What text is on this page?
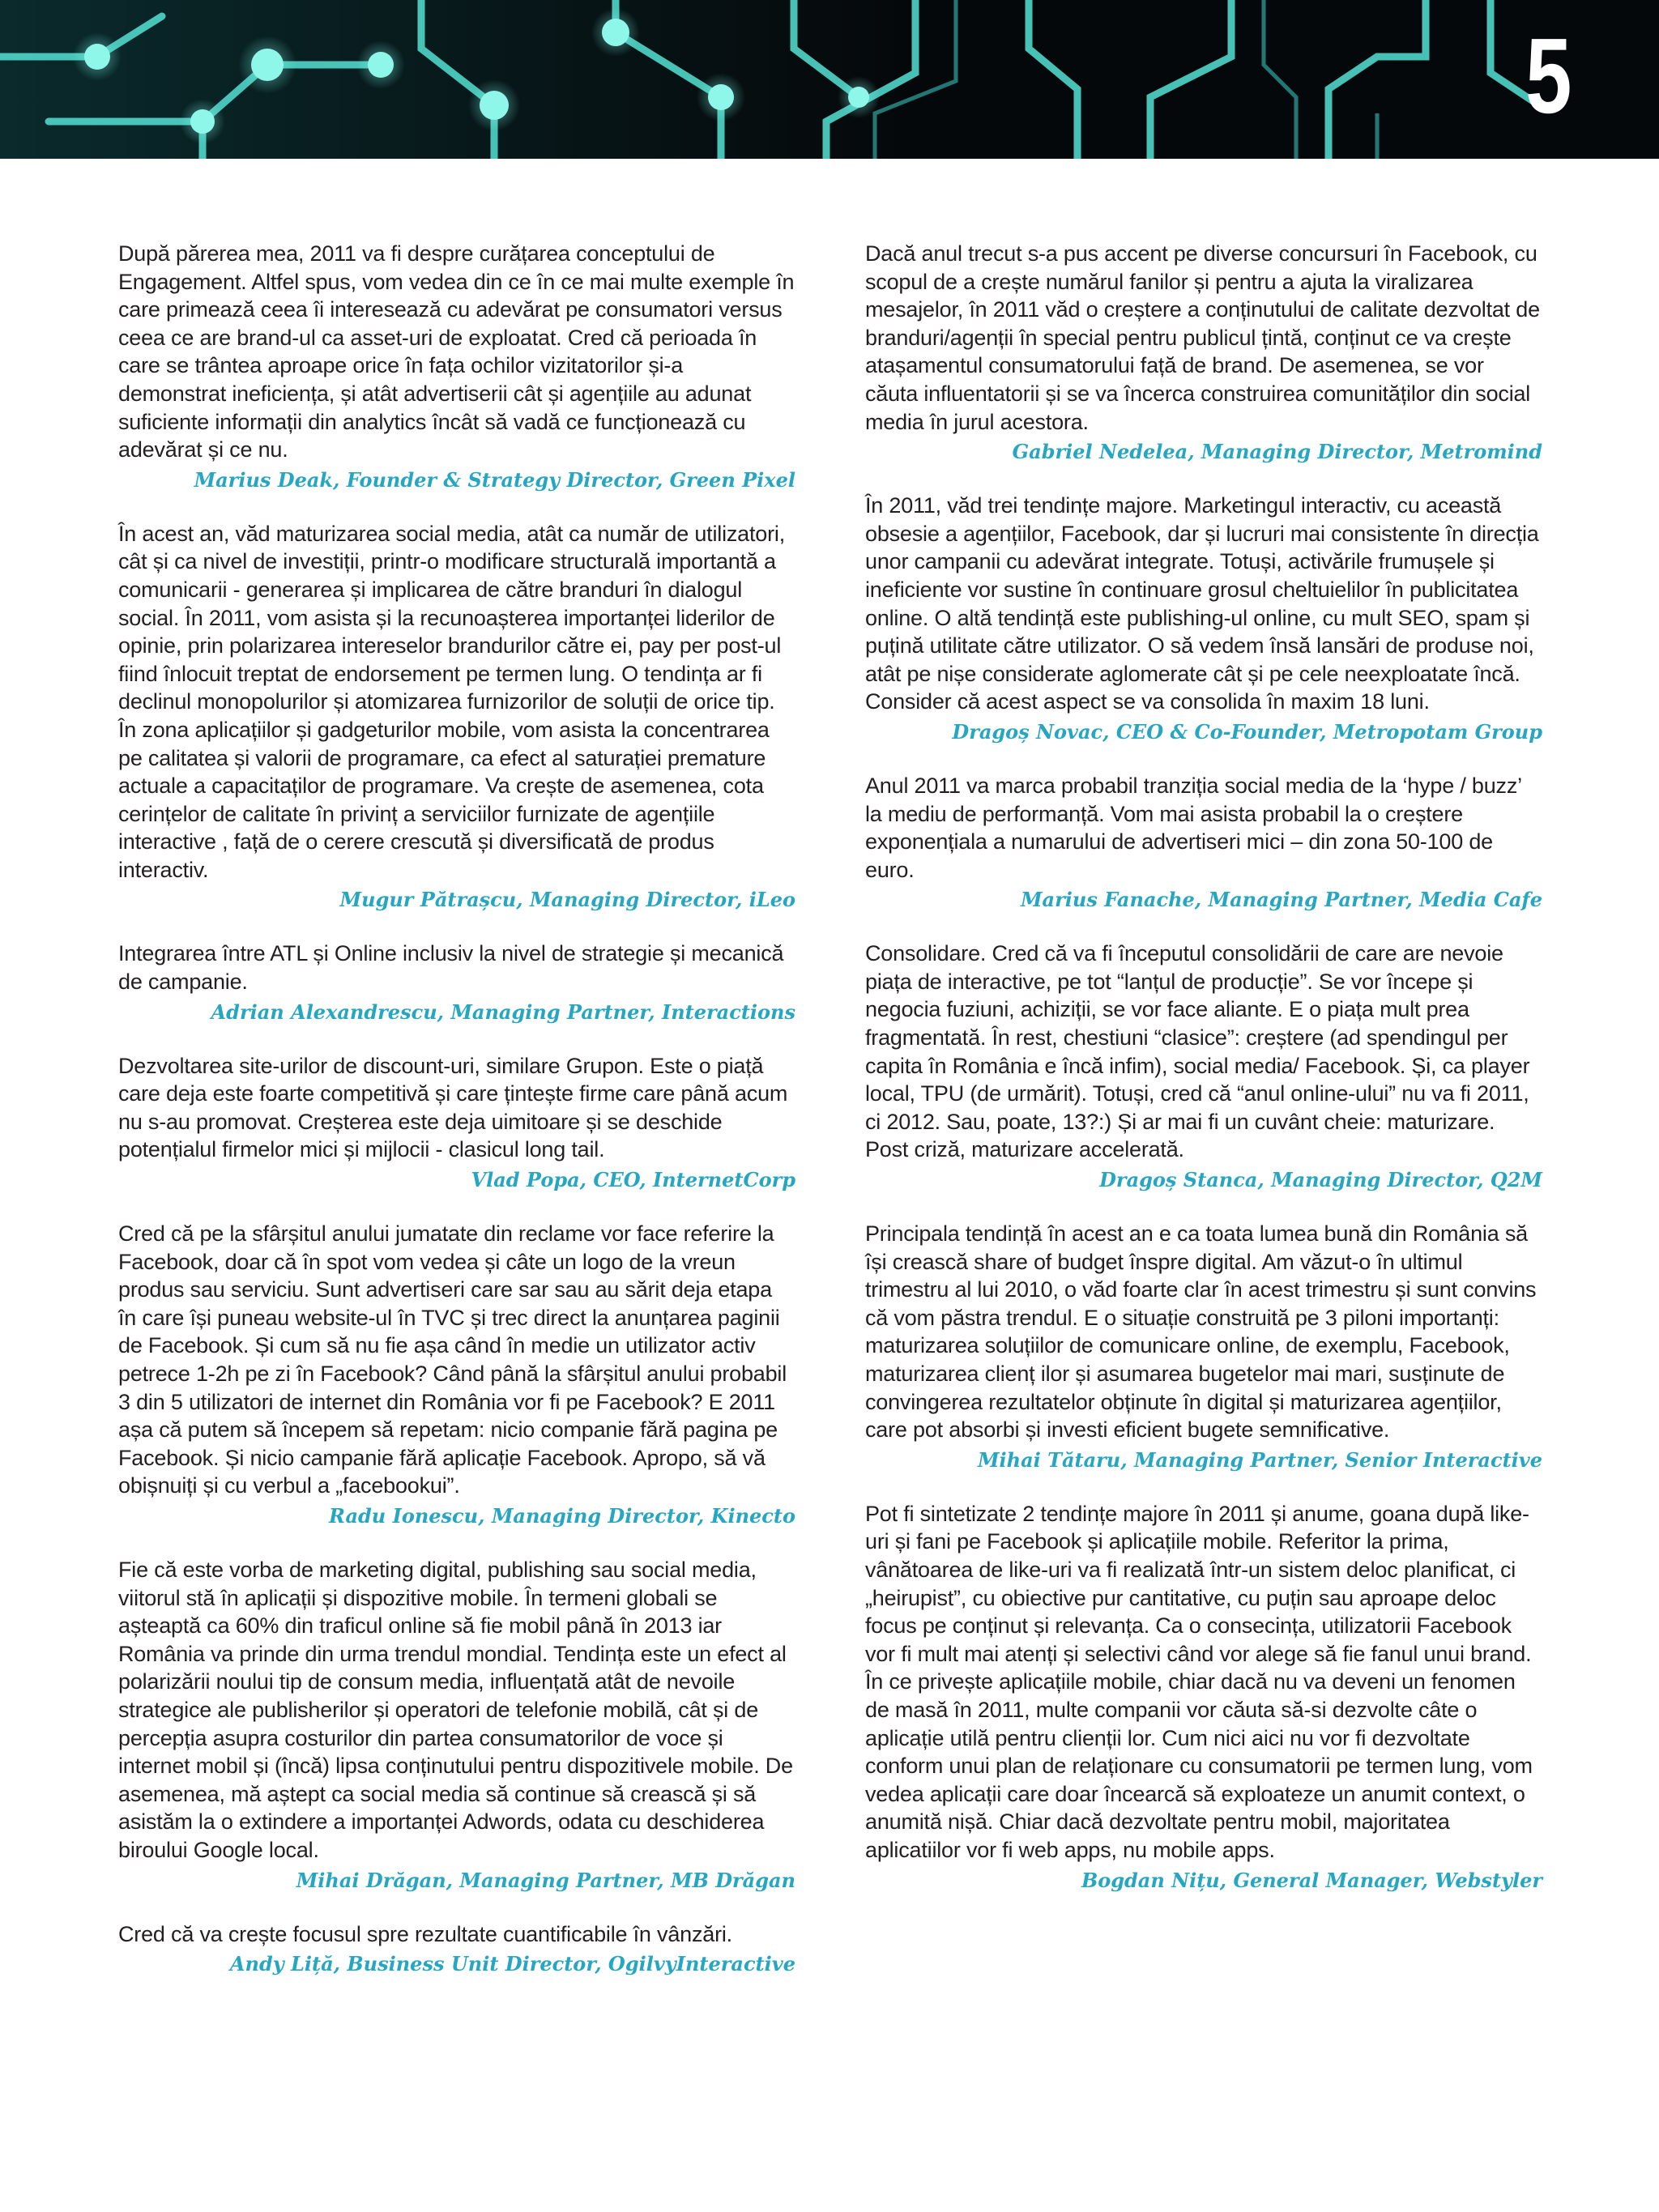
5

După părerea mea, 2011 va fi despre curățarea conceptului de Engagement. Altfel spus, vom vedea din ce în ce mai multe exemple în care primează ceea îi interesează cu adevărat pe consumatori versus ceea ce are brand-ul ca asset-uri de exploatat. Cred că perioada în care se trântea aproape orice în fața ochilor vizitatorilor și-a demonstrat ineficiența, și atât advertiserii cât și agențiile au adunat suficiente informații din analytics încât să vadă ce funcționează cu adevărat și ce nu.

Marius Deak, Founder & Strategy Director, Green Pixel

În acest an, văd maturizarea social media, atât ca număr de utilizatori, cât și ca nivel de investiții, printr-o modificare structurală importantă a comunicarii - generarea și implicarea de către branduri în dialogul social. În 2011, vom asista și la recunoașterea importanței liderilor de opinie, prin polarizarea intereselor brandurilor către ei, pay per post-ul fiind înlocuit treptat de endorsement pe termen lung. O tendința ar fi declinul monopolurilor și atomizarea furnizorilor de soluții de orice tip. În zona aplicațiilor și gadgeturilor mobile, vom asista la concentrarea pe calitatea și valorii de programare, ca efect al saturației premature actuale a capacitaților de programare. Va crește de asemenea, cota cerințelor de calitate în privinț a serviciilor furnizate de agențiile interactive , față de o cerere crescută și diversificată de produs interactiv.

Mugur Pătrașcu, Managing Director, iLeo

Integrarea între ATL și Online inclusiv la nivel de strategie și mecanică de campanie.

Adrian Alexandrescu, Managing Partner, Interactions

Dezvoltarea site-urilor de discount-uri, similare Grupon. Este o piață care deja este foarte competitivă și care țintește firme care până acum nu s-au promovat. Creșterea este deja uimitoare și se deschide potențialul firmelor mici și mijlocii - clasicul long tail.

Vlad Popa, CEO, InternetCorp

Cred că pe la sfârșitul anului jumatate din reclame vor face referire la Facebook, doar că în spot vom vedea și câte un logo de la vreun produs sau serviciu. Sunt advertiseri care sar sau au sărit deja etapa în care își puneau website-ul în TVC și trec direct la anunțarea paginii de Facebook. Și cum să nu fie așa când în medie un utilizator activ petrece 1-2h pe zi în Facebook? Când până la sfârșitul anului probabil 3 din 5 utilizatori de internet din România vor fi pe Facebook? E 2011 așa că putem să începem să repetam: nicio companie fără pagina pe Facebook. Și nicio campanie fără aplicație Facebook. Apropo, să vă obișnuiți și cu verbul a „facebookui”.

Radu Ionescu, Managing Director, Kinecto

Fie că este vorba de marketing digital, publishing sau social media, viitorul stă în aplicații și dispozitive mobile. În termeni globali se așteaptă ca 60% din traficul online să fie mobil până în 2013 iar România va prinde din urma trendul mondial. Tendința este un efect al polarizării noului tip de consum media, influențată atât de nevoile strategice ale publisherilor și operatori de telefonie mobilă, cât și de percepția asupra costurilor din partea consumatorilor de voce și internet mobil și (încă) lipsa conținutului pentru dispozitivele mobile. De asemenea, mă aștept ca social media să continue să crească și să asistăm la o extindere a importanței Adwords, odata cu deschiderea biroului Google local.

Mihai Drăgan, Managing Partner, MB Drăgan

Cred că va crește focusul spre rezultate cuantificabile în vânzări.

Andy Liță, Business Unit Director, OgilvyInteractive

Dacă anul trecut s-a pus accent pe diverse concursuri în Facebook, cu scopul de a crește numărul fanilor și pentru a ajuta la viralizarea mesajelor, în 2011 văd o creștere a conținutului de calitate dezvoltat de branduri/agenții în special pentru publicul țintă, conținut ce va crește atașamentul consumatorului față de brand. De asemenea, se vor căuta influentatorii și se va încerca construirea comunităților din social media în jurul acestora.

Gabriel Nedelea, Managing Director, Metromind

În 2011, văd trei tendințe majore. Marketingul interactiv, cu această obsesie a agențiilor, Facebook, dar și lucruri mai consistente în direcția unor campanii cu adevărat integrate. Totuși, activările frumușele și ineficiente vor sustine în continuare grosul cheltuielilor în publicitatea online. O altă tendință este publishing-ul online, cu mult SEO, spam și puțină utilitate către utilizator. O să vedem însă lansări de produse noi, atât pe nișe considerate aglomerate cât și pe cele neexploatate încă. Consider că acest aspect se va consolida în maxim 18 luni.

Dragoș Novac, CEO & Co-Founder, Metropotam Group

Anul 2011 va marca probabil tranziția social media de la ‘hype / buzz’ la mediu de performanță. Vom mai asista probabil la o creștere exponențiala a numarului de advertiseri mici – din zona 50-100 de euro.

Marius Fanache, Managing Partner, Media Cafe

Consolidare. Cred că va fi începutul consolidării de care are nevoie piața de interactive, pe tot “lanțul de producție”. Se vor începe și negocia fuziuni, achiziții, se vor face aliante. E o piața mult prea fragmentată. În rest, chestiuni “clasice”: creștere (ad spendingul per capita în România e încă infim), social media/ Facebook. Și, ca player local, TPU (de urmărit). Totuși, cred că “anul online-ului” nu va fi 2011, ci 2012. Sau, poate, 13?:) Și ar mai fi un cuvânt cheie: maturizare. Post criză, maturizare accelerată.

Dragoș Stanca, Managing Director, Q2M

Principala tendință în acest an e ca toata lumea bună din România să își crească share of budget înspre digital. Am văzut-o în ultimul trimestru al lui 2010, o văd foarte clar în acest trimestru și sunt convins că vom păstra trendul. E o situație construită pe 3 piloni importanți: maturizarea soluțiilor de comunicare online, de exemplu, Facebook, maturizarea clienț ilor și asumarea bugetelor mai mari, susținute de convingerea rezultatelor obținute în digital și maturizarea agențiilor, care pot absorbi și investi eficient bugete semnificative.

Mihai Tătaru, Managing Partner, Senior Interactive

Pot fi sintetizate 2 tendințe majore în 2011 și anume, goana după like-uri și fani pe Facebook și aplicațiile mobile. Referitor la prima, vânătoarea de like-uri va fi realizată într-un sistem deloc planificat, ci „heirupist”, cu obiective pur cantitative, cu puțin sau aproape deloc focus pe conținut și relevanța. Ca o consecința, utilizatorii Facebook vor fi mult mai atenți și selectivi când vor alege să fie fanul unui brand. În ce privește aplicațiile mobile, chiar dacă nu va deveni un fenomen de masă în 2011, multe companii vor căuta să-si dezvolte câte o aplicație utilă pentru clienții lor. Cum nici aici nu vor fi dezvoltate conform unui plan de relaționare cu consumatorii pe termen lung, vom vedea aplicații care doar încearcă să exploateze un anumit context, o anumită nișă. Chiar dacă dezvoltate pentru mobil, majoritatea aplicatiilor vor fi web apps, nu mobile apps.

Bogdan Nițu, General Manager, Webstyler
